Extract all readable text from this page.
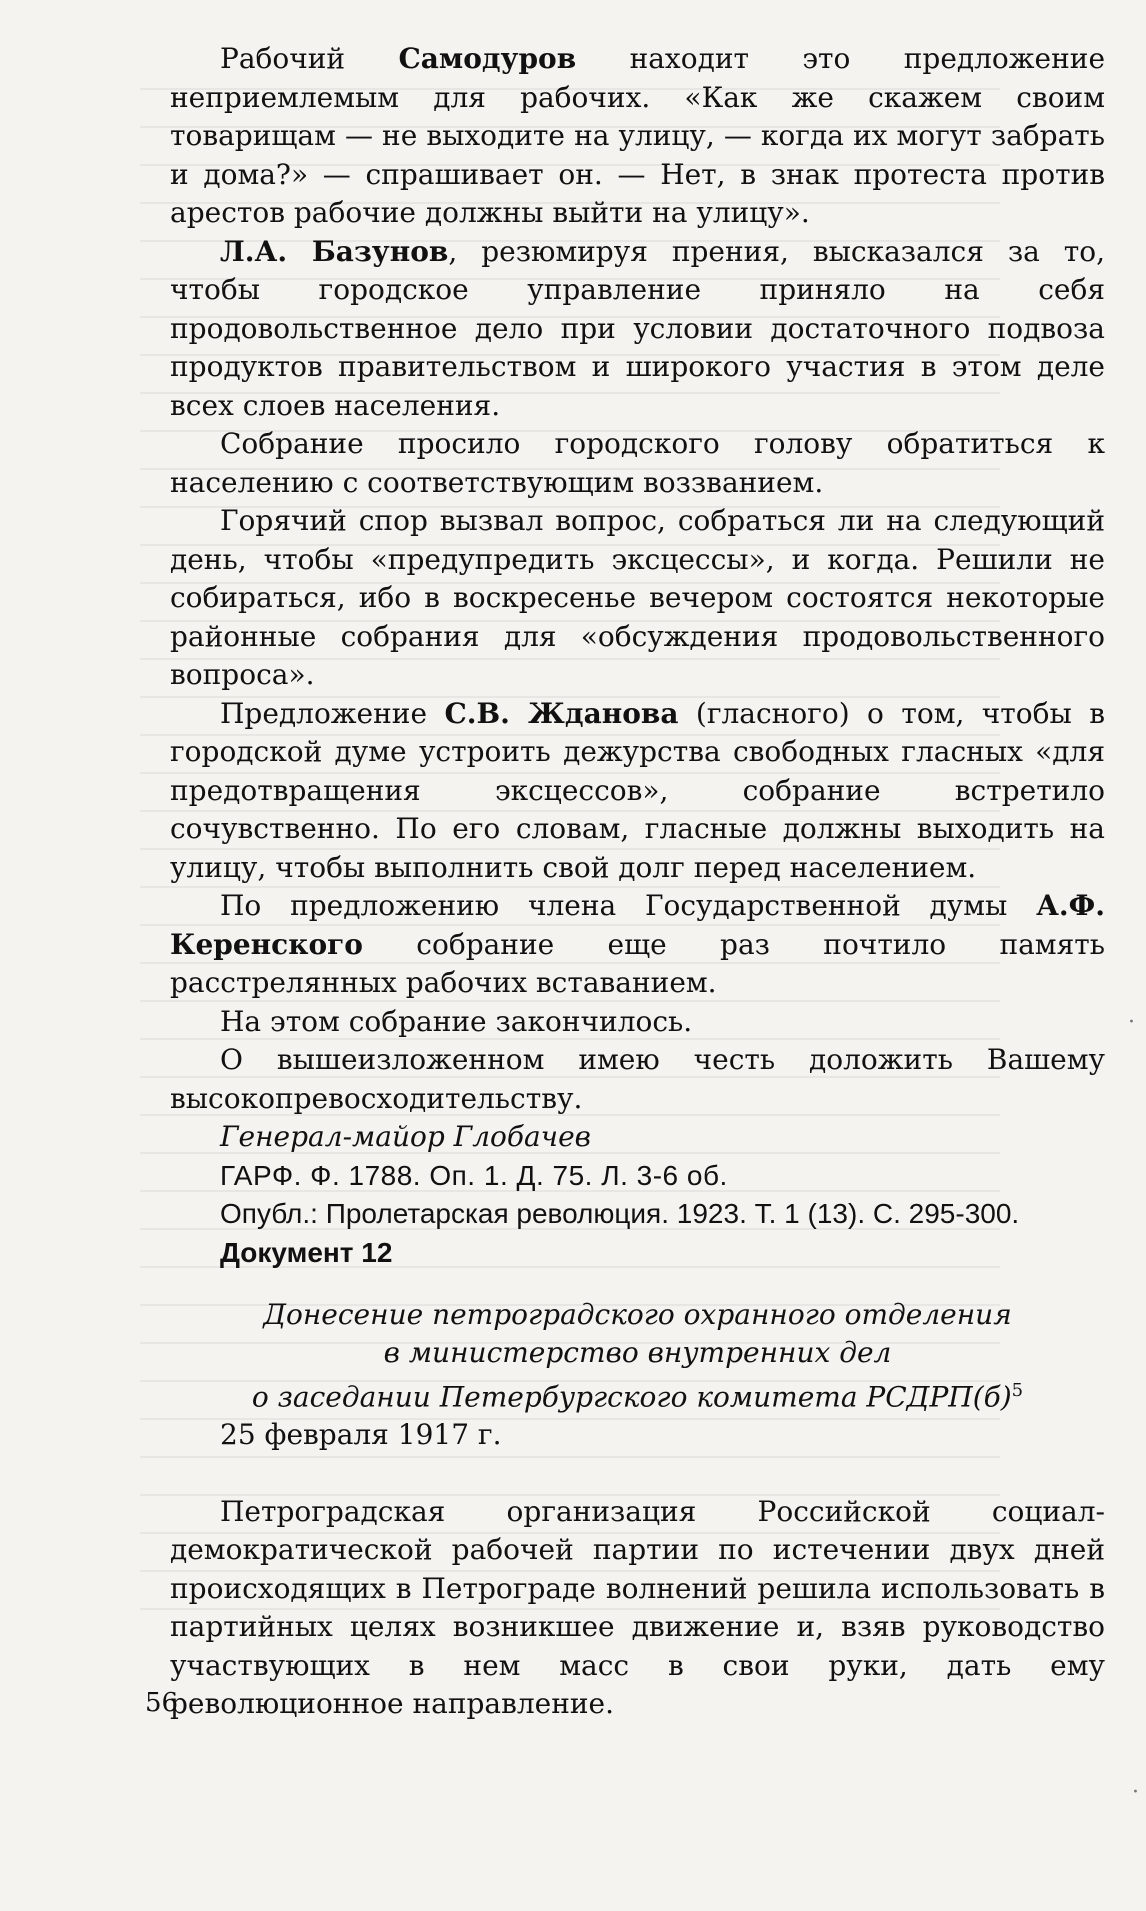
Рабочий Самодуров находит это предложение неприемлемым для рабочих. «Как же скажем своим товарищам — не выходите на улицу, — когда их могут забрать и дома?» — спрашивает он. — Нет, в знак протеста против арестов рабочие должны выйти на улицу».

Л.А. Базунов, резюмируя прения, высказался за то, чтобы городское управление приняло на себя продовольственное дело при условии достаточного подвоза продуктов правительством и широкого участия в этом деле всех слоев населения.

Собрание просило городского голову обратиться к населению с соответствующим воззванием.

Горячий спор вызвал вопрос, собраться ли на следующий день, чтобы «предупредить эксцессы», и когда. Решили не собираться, ибо в воскресенье вечером состоятся некоторые районные собрания для «обсуждения продовольственного вопроса».

Предложение С.В. Жданова (гласного) о том, чтобы в городской думе устроить дежурства свободных гласных «для предотвращения эксцессов», собрание встретило сочувственно. По его словам, гласные должны выходить на улицу, чтобы выполнить свой долг перед населением.

По предложению члена Государственной думы А.Ф. Керенского собрание еще раз почтило память расстрелянных рабочих вставанием.

На этом собрание закончилось.

О вышеизложенном имею честь доложить Вашему высокопревосходительству.

Генерал-майор Глобачев

ГАРФ. Ф. 1788. Оп. 1. Д. 75. Л. 3-6 об.

Опубл.: Пролетарская революция. 1923. Т. 1 (13). С. 295-300.

Документ 12

Донесение петроградского охранного отделения
в министерство внутренних дел
о заседании Петербургского комитета $РСДРП(б)^5$

25 февраля 1917 г.

Петроградская организация Российской социал-демократической рабочей партии по истечении двух дней происходящих в Петрограде волнений решила использовать в партийных целях возникшее движение и, взяв руководство участвующих в нем масс в свои руки, дать ему революционное направление.

56
·
·
